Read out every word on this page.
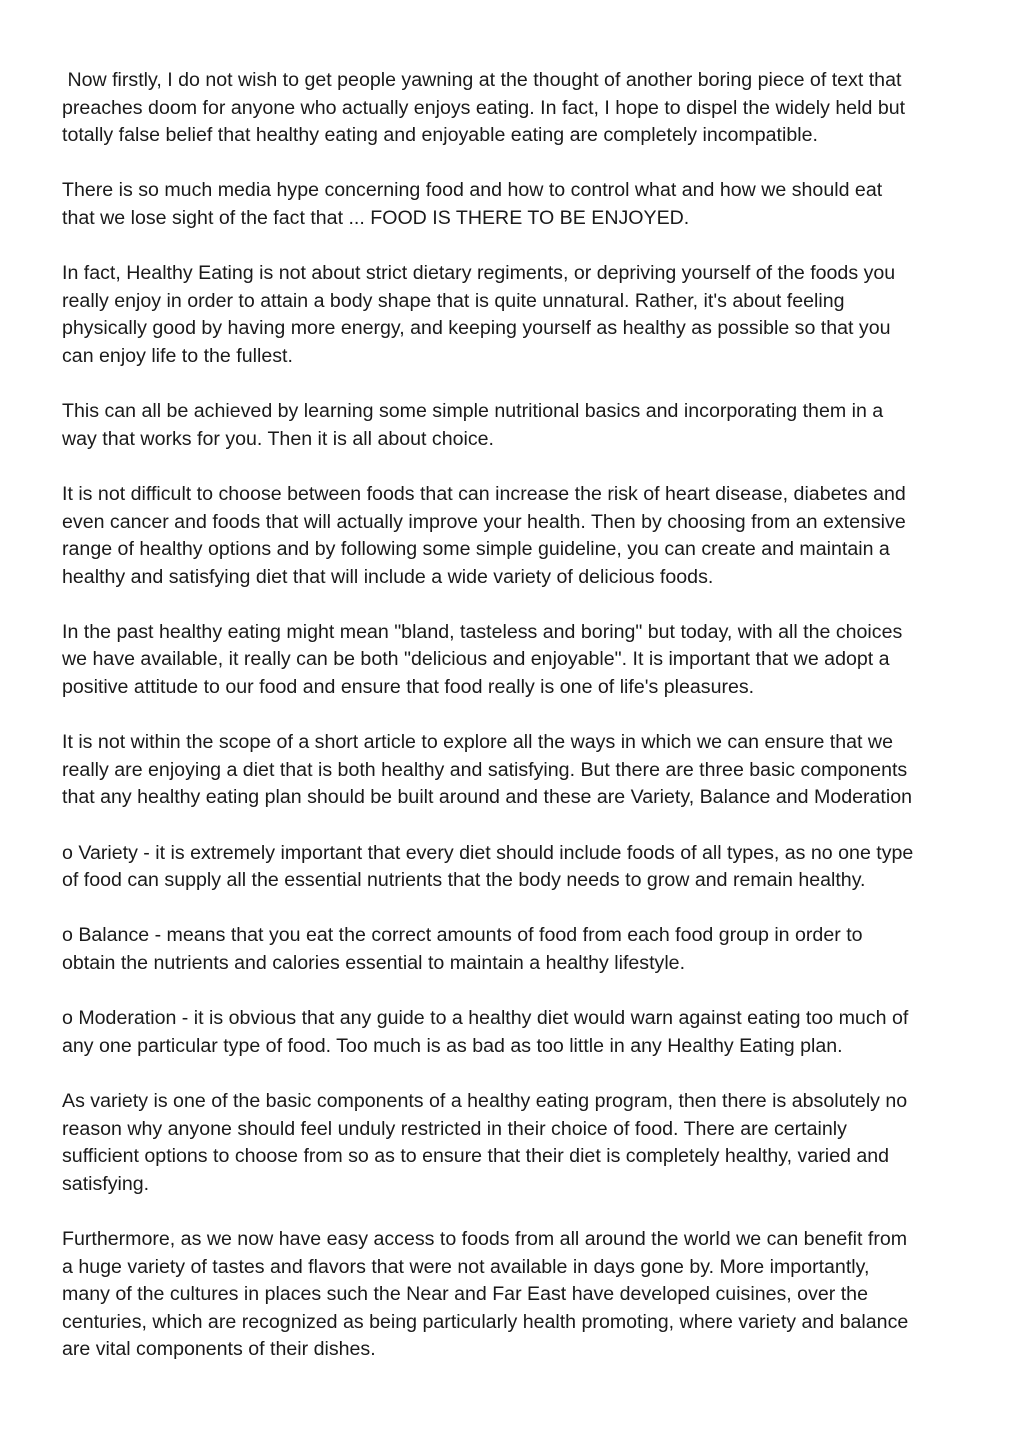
Now firstly, I do not wish to get people yawning at the thought of another boring piece of text that
preaches doom for anyone who actually enjoys eating. In fact, I hope to dispel the widely held but
totally false belief that healthy eating and enjoyable eating are completely incompatible.
There is so much media hype concerning food and how to control what and how we should eat
that we lose sight of the fact that ... FOOD IS THERE TO BE ENJOYED.
In fact, Healthy Eating is not about strict dietary regiments, or depriving yourself of the foods you
really enjoy in order to attain a body shape that is quite unnatural. Rather, it's about feeling
physically good by having more energy, and keeping yourself as healthy as possible so that you
can enjoy life to the fullest.
This can all be achieved by learning some simple nutritional basics and incorporating them in a
way that works for you. Then it is all about choice.
It is not difficult to choose between foods that can increase the risk of heart disease, diabetes and
even cancer and foods that will actually improve your health. Then by choosing from an extensive
range of healthy options and by following some simple guideline, you can create and maintain a
healthy and satisfying diet that will include a wide variety of delicious foods.
In the past healthy eating might mean "bland, tasteless and boring" but today, with all the choices
we have available, it really can be both "delicious and enjoyable". It is important that we adopt a
positive attitude to our food and ensure that food really is one of life's pleasures.
It is not within the scope of a short article to explore all the ways in which we can ensure that we
really are enjoying a diet that is both healthy and satisfying. But there are three basic components
that any healthy eating plan should be built around and these are Variety, Balance and Moderation
o Variety - it is extremely important that every diet should include foods of all types, as no one type
of food can supply all the essential nutrients that the body needs to grow and remain healthy.
o Balance - means that you eat the correct amounts of food from each food group in order to
obtain the nutrients and calories essential to maintain a healthy lifestyle.
o Moderation - it is obvious that any guide to a healthy diet would warn against eating too much of
any one particular type of food. Too much is as bad as too little in any Healthy Eating plan.
As variety is one of the basic components of a healthy eating program, then there is absolutely no
reason why anyone should feel unduly restricted in their choice of food. There are certainly
sufficient options to choose from so as to ensure that their diet is completely healthy, varied and
satisfying.
Furthermore, as we now have easy access to foods from all around the world we can benefit from
a huge variety of tastes and flavors that were not available in days gone by. More importantly,
many of the cultures in places such the Near and Far East have developed cuisines, over the
centuries, which are recognized as being particularly health promoting, where variety and balance
are vital components of their dishes.
